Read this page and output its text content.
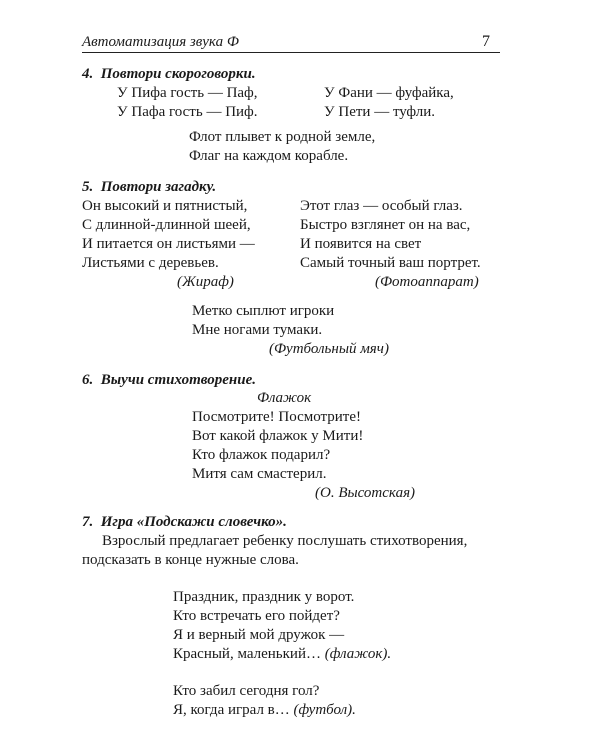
Автоматизация звука Ф	7
4. Повтори скороговорки.
У Пифа гость — Паф,
У Пафа гость — Пиф.
У Фани — фуфайка,
У Пети — туфли.
Флот плывет к родной земле,
Флаг на каждом корабле.
5. Повтори загадку.
Он высокий и пятнистый,
С длинной-длинной шеей,
И питается он листьями —
Листьями с деревьев.
(Жираф)
Этот глаз — особый глаз.
Быстро взглянет он на вас,
И появится на свет
Самый точный ваш портрет.
(Фотоаппарат)
Метко сыплют игроки
Мне ногами тумаки.
(Футбольный мяч)
6. Выучи стихотворение.
Флажок
Посмотрите! Посмотрите!
Вот какой флажок у Мити!
Кто флажок подарил?
Митя сам смастерил.
(О. Высотская)
7. Игра «Подскажи словечко».
Взрослый предлагает ребенку послушать стихотворения,
подсказать в конце нужные слова.
Праздник, праздник у ворот.
Кто встречать его пойдет?
Я и верный мой дружок —
Красный, маленький… (флажок).
Кто забил сегодня гол?
Я, когда играл в… (футбол).
